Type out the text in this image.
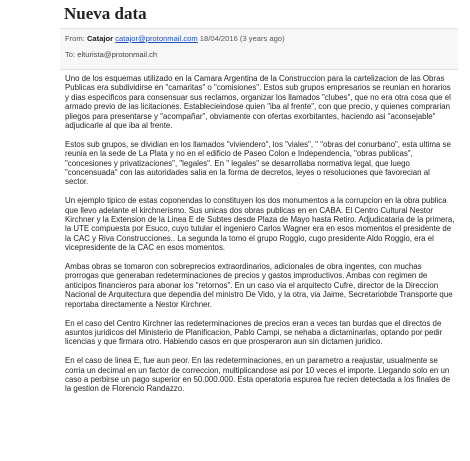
Nueva data
From: Catajor catajor@protonmail.com 18/04/2016 (3 years ago)
To: elturista@protonmail.ch

Uno de los esquemas utilizado en la Camara Argentina de la Construccion para la cartelizacion de las Obras Publicas era subdividirse en "camaritas" o "comisiones". Estos sub grupos empresarios se reunian en horarios y dias especificos para consensuar sus reclamos, organizar los llamados "clubes", que no era otra cosa que el armado previo de las licitaciones. Establecieindose quien "iba al frente", con que precio, y quienes comprarian pliegos para presentarse y "acompañar", obviamente con ofertas exorbitantes, haciendo asi "aconsejable" adjudicarle al que iba al frente.

Estos sub grupos, se dividian en los llamados "viviendero", los "viales", " "obras del conurbano", esta ultima se reunia en la sede de La Plata y no en el edificio de Paseo Colon e Independencia, "obras publicas", "concesiones y privatizaciones", "legales". En " legales" se desarrollaba normativa legal, que luego "concensuada" con las autoridades salia en la forma de decretos, leyes o resoluciones que favorecian al sector.

Un ejemplo tipico de estas coponendas lo constituyen los dos monumentos a la corrupcion en la obra publica que llevo adelante el kirchnerismo. Sus unicas dos obras publicas en en CABA. El Centro Cultural Nestor Kirchner y la Extension de la Linea E de Subtes desde Plaza de Mayo hasta Retiro. Adjudicataria de la primera, la UTE compuesta por Esuco, cuyo tutular el ingeniero Carlos Wagner era en esos momentos el presidente de la CAC y Riva Construcciones.. La segunda la tomo el grupo Roggio, cugo presidente Aldo Roggio, era el vicepresidente de la CAC en esos momentos.

Ambas obras se tomaron con sobreprecios extraordinarios, adicionales de obra ingentes, con muchas prorrogas que generaban redeterminaciones de precios y gastos improductivos. Ambas con regimen de anticipos financieros para abonar los "retornos". En un caso via el arquitecto Cufre, director de la Direccion Nacional de Arquitectura que dependia del ministro De Vido, y la otra, via Jaime, Secretariobde Transporte que reportaba directamente a Nestor Kirchner.

En el caso del Centro Kirchner las redeterminaciones de precios eran a veces tan burdas que el directos de asuntos juridicos del Ministerio de Planificacion, Pablo Campi, se nehaba a dictaminarlas, optando por pedir licencias y que firmara otro. Habiendo casos en que prosperaron aun sin dictamen juridico.

En el caso de linea E, fue aun peor. En las redeterminaciones, en un parametro a reajustar, usualmente se corria un decimal en un factor de correccion, multiplicandose asi por 10 veces el importe. Llegando solo en un caso a perbirse un pago superior en 50.000.000. Esta operatoria espurea fue recien detectada a los finales de la gestion de Florencio Randazzo.
